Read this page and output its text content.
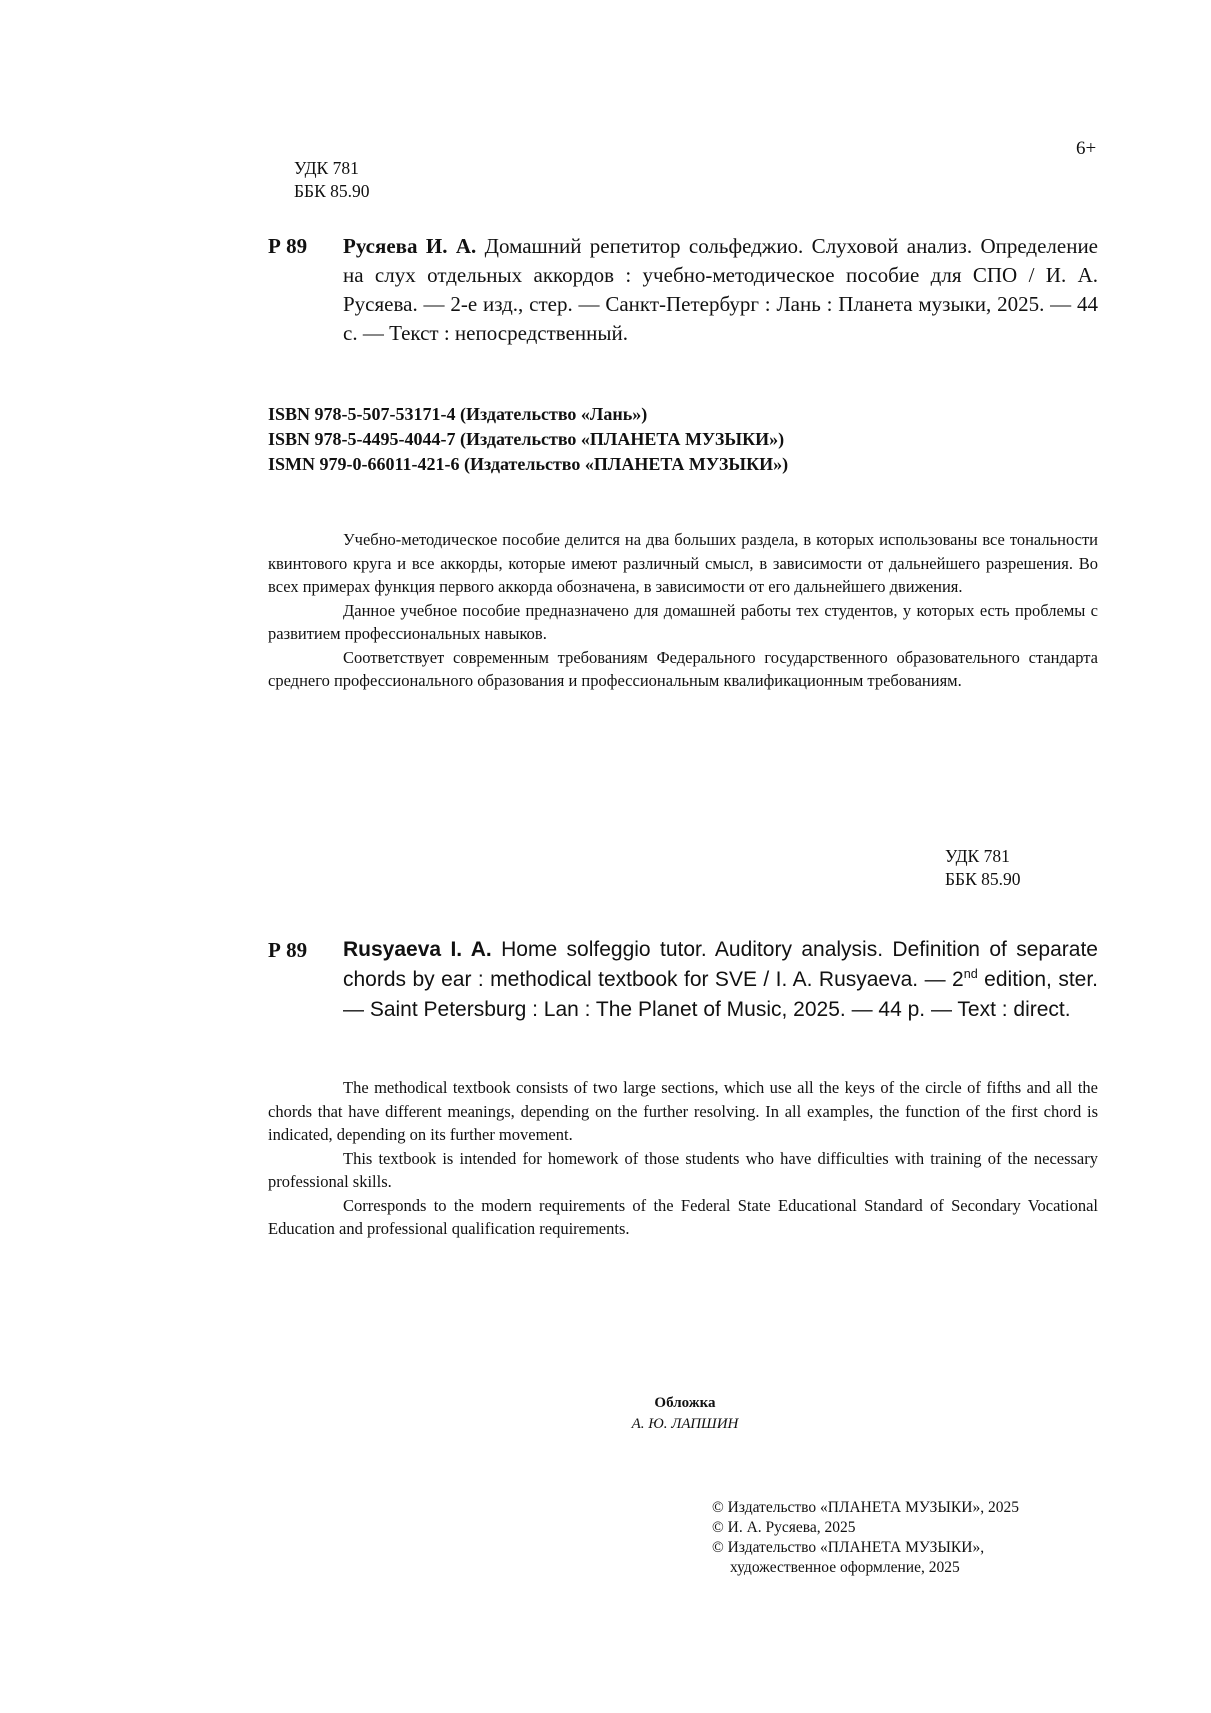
6+
УДК 781
ББК 85.90
Р 89 Русяева И. А. Домашний репетитор сольфеджио. Слуховой анализ. Определение на слух отдельных аккордов : учебно-методическое пособие для СПО / И. А. Русяева. — 2-е изд., стер. — Санкт-Петербург : Лань : Планета музыки, 2025. — 44 с. — Текст : непосредственный.
ISBN 978-5-507-53171-4 (Издательство «Лань»)
ISBN 978-5-4495-4044-7 (Издательство «ПЛАНЕТА МУЗЫКИ»)
ISMN 979-0-66011-421-6 (Издательство «ПЛАНЕТА МУЗЫКИ»)

Учебно-методическое пособие делится на два больших раздела, в которых использованы все тональности квинтового круга и все аккорды, которые имеют различный смысл, в зависимости от дальнейшего разрешения. Во всех примерах функция первого аккорда обозначена, в зависимости от его дальнейшего движения.

Данное учебное пособие предназначено для домашней работы тех студентов, у которых есть проблемы с развитием профессиональных навыков.

Соответствует современным требованиям Федерального государственного образовательного стандарта среднего профессионального образования и профессиональным квалификационным требованиям.

УДК 781
ББК 85.90
Р 89 Rusyaeva I. A. Home solfeggio tutor. Auditory analysis. Definition of separate chords by ear : methodical textbook for SVE / I. A. Rusyaeva. — 2nd edition, ster. — Saint Petersburg : Lan : The Planet of Music, 2025. — 44 p. — Text : direct.

The methodical textbook consists of two large sections, which use all the keys of the circle of fifths and all the chords that have different meanings, depending on the further resolving. In all examples, the function of the first chord is indicated, depending on its further movement.

This textbook is intended for homework of those students who have difficulties with training of the necessary professional skills.

Corresponds to the modern requirements of the Federal State Educational Standard of Secondary Vocational Education and professional qualification requirements.

Обложка
А. Ю. ЛАПШИН
© Издательство «ПЛАНЕТА МУЗЫКИ», 2025
© И. А. Русяева, 2025
© Издательство «ПЛАНЕТА МУЗЫКИ»,
художественное оформление, 2025
